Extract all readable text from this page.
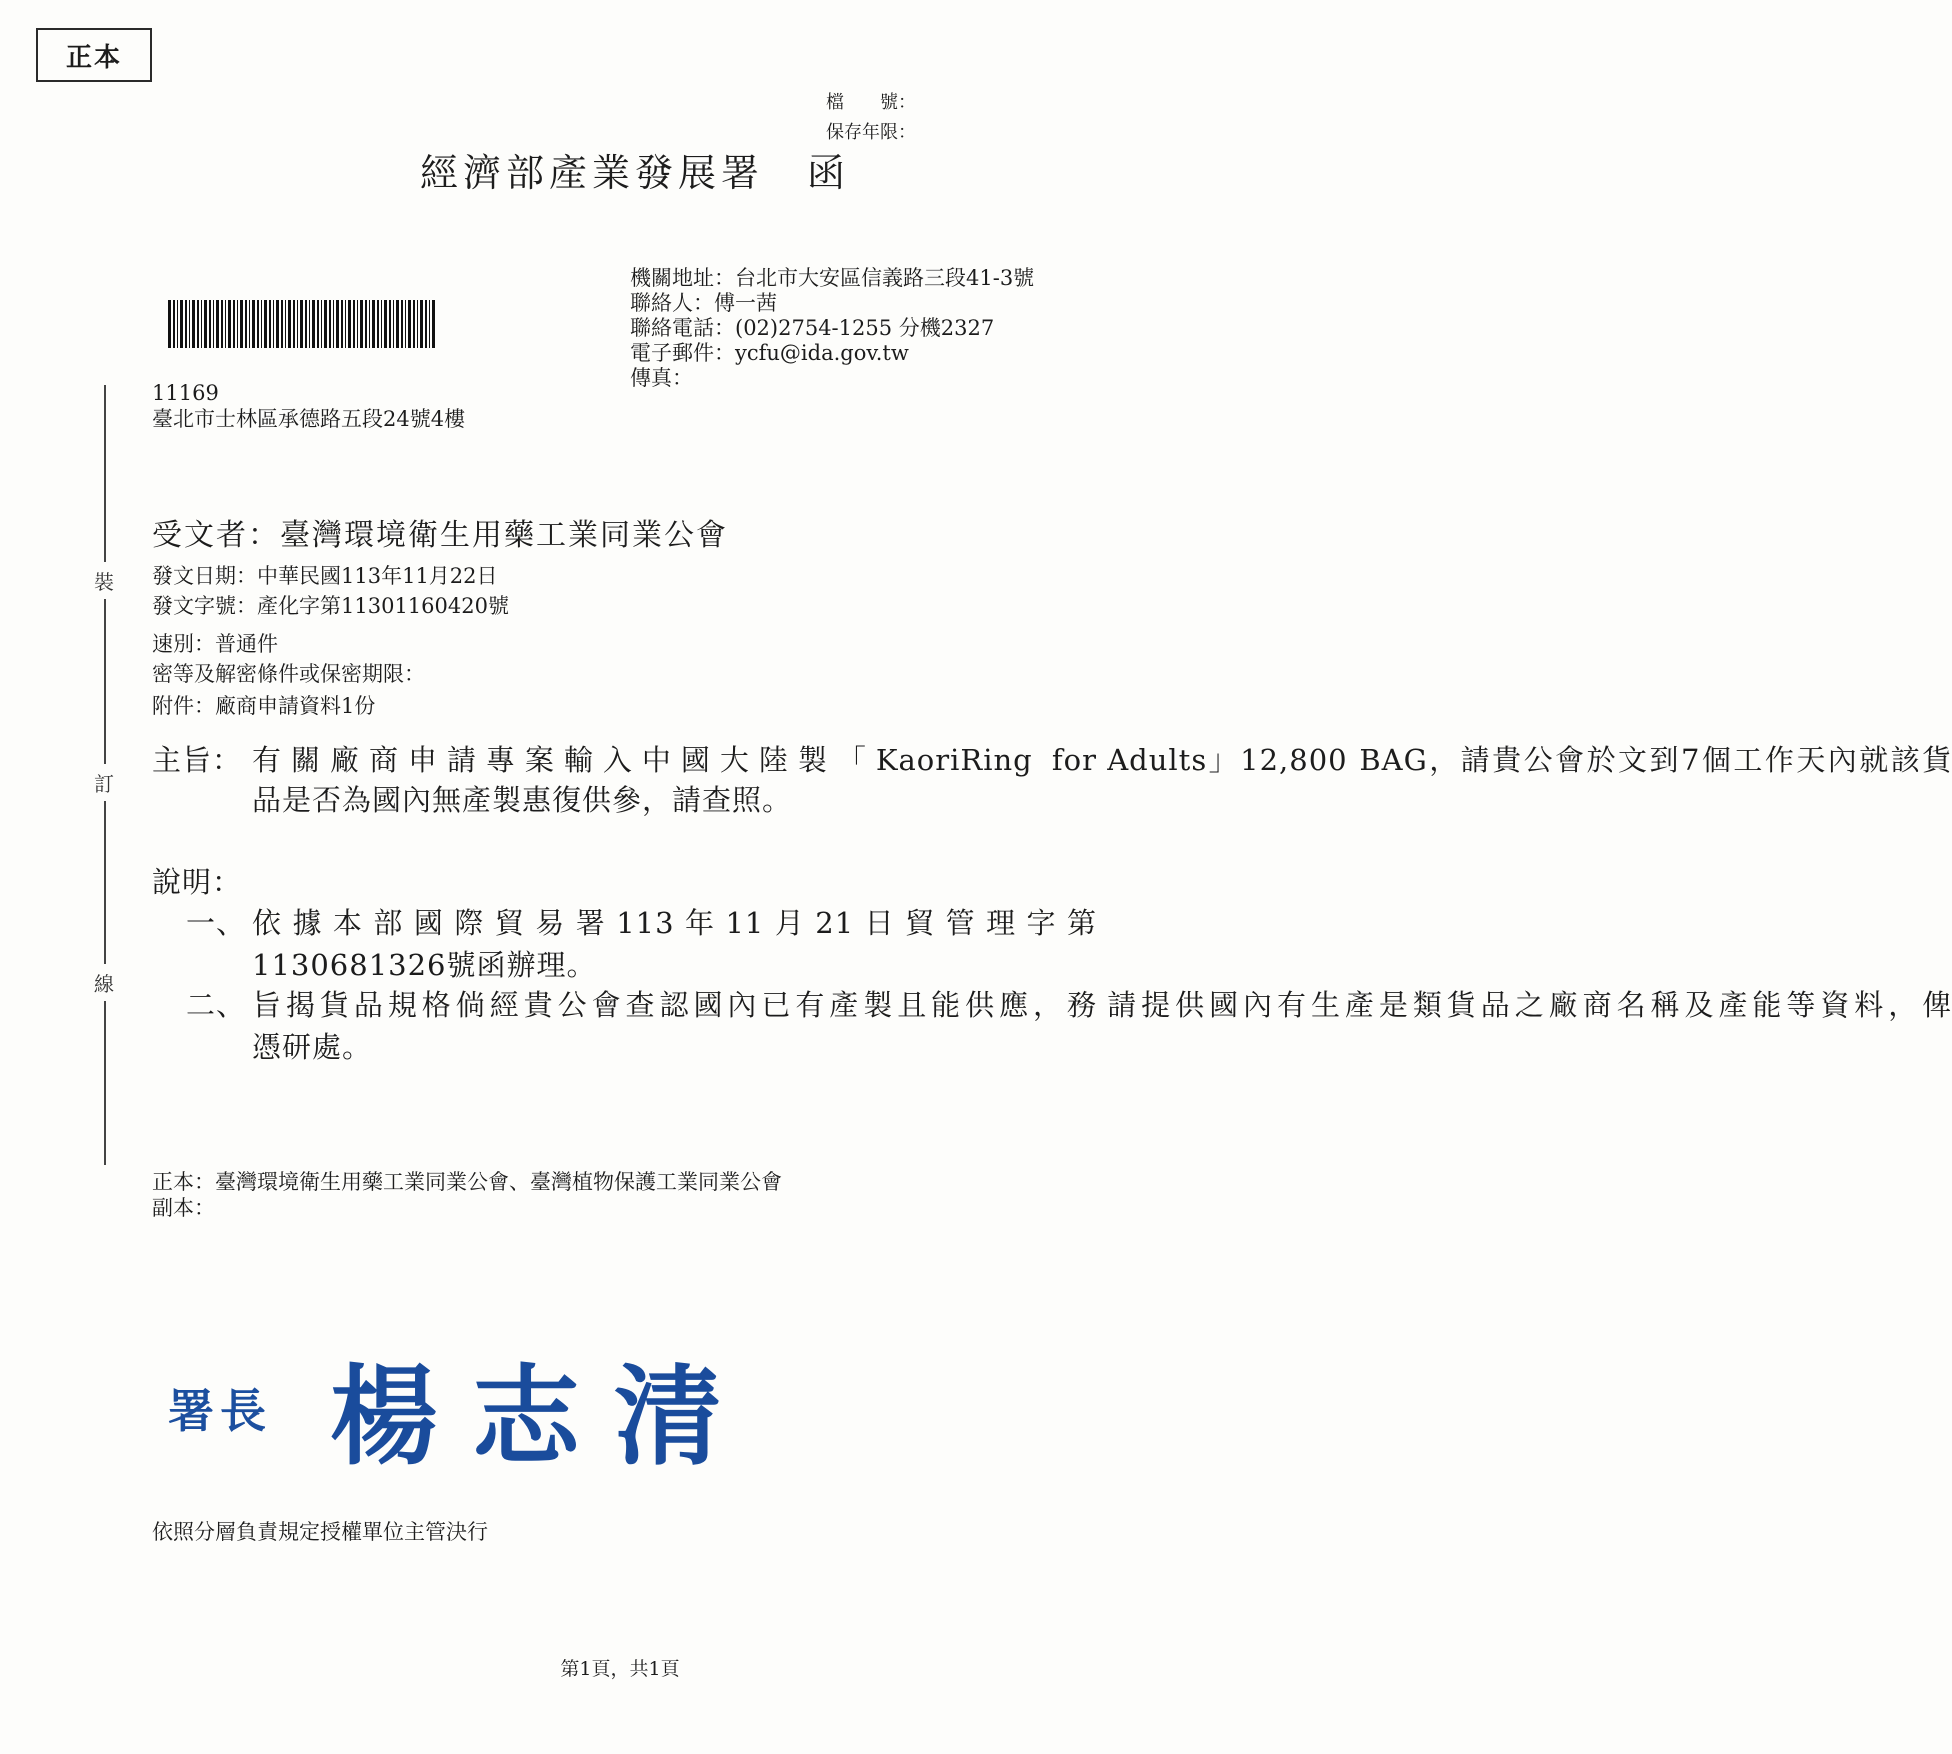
正本
檔　　號：
保存年限：
經濟部產業發展署　函
機關地址：台北市大安區信義路三段41-3號
聯絡人：傅一茜
聯絡電話：(02)2754-1255 分機2327
電子郵件：ycfu@ida.gov.tw
傳真：
11169
臺北市士林區承德路五段24號4樓
裝
訂
線
受文者：臺灣環境衛生用藥工業同業公會
發文日期：中華民國113年11月22日
發文字號：產化字第11301160420號
速別：普通件
密等及解密條件或保密期限：
附件：廠商申請資料1份
主旨： 有關廠商申請專案輸入中國大陸製「KaoriRing for Adults」12,800 BAG，請貴公會於文到7個工作天內就該貨
品是否為國內無產製惠復供參，請查照。
說明：
一、 依據本部國際貿易署113年11月21日貿管理字第
1130681326號函辦理。
二、 旨揭貨品規格倘經貴公會查認國內已有產製且能供應，務 請提供國內有生產是類貨品之廠商名稱及產能等資料，俾
憑研處。
正本：臺灣環境衛生用藥工業同業公會、臺灣植物保護工業同業公會
副本：
署長 楊志清
依照分層負責規定授權單位主管決行
第1頁，共1頁
